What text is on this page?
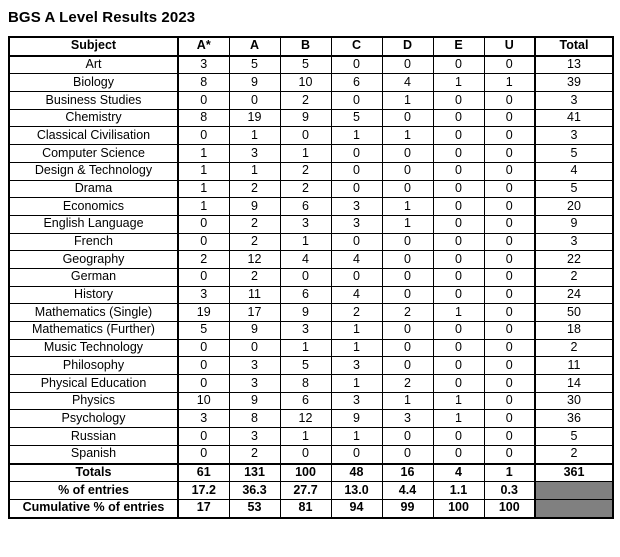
BGS A Level Results 2023
Subject	A*	A	B	C	D	E	U	Total
Art	3	5	5	0	0	0	0	13
Biology	8	9	10	6	4	1	1	39
Business Studies	0	0	2	0	1	0	0	3
Chemistry	8	19	9	5	0	0	0	41
Classical Civilisation	0	1	0	1	1	0	0	3
Computer Science	1	3	1	0	0	0	0	5
Design & Technology	1	1	2	0	0	0	0	4
Drama	1	2	2	0	0	0	0	5
Economics	1	9	6	3	1	0	0	20
English Language	0	2	3	3	1	0	0	9
French	0	2	1	0	0	0	0	3
Geography	2	12	4	4	0	0	0	22
German	0	2	0	0	0	0	0	2
History	3	11	6	4	0	0	0	24
Mathematics (Single)	19	17	9	2	2	1	0	50
Mathematics (Further)	5	9	3	1	0	0	0	18
Music Technology	0	0	1	1	0	0	0	2
Philosophy	0	3	5	3	0	0	0	11
Physical Education	0	3	8	1	2	0	0	14
Physics	10	9	6	3	1	1	0	30
Psychology	3	8	12	9	3	1	0	36
Russian	0	3	1	1	0	0	0	5
Spanish	0	2	0	0	0	0	0	2
Totals	61	131	100	48	16	4	1	361
% of entries	17.2	36.3	27.7	13.0	4.4	1.1	0.3	
Cumulative % of entries	17	53	81	94	99	100	100	
